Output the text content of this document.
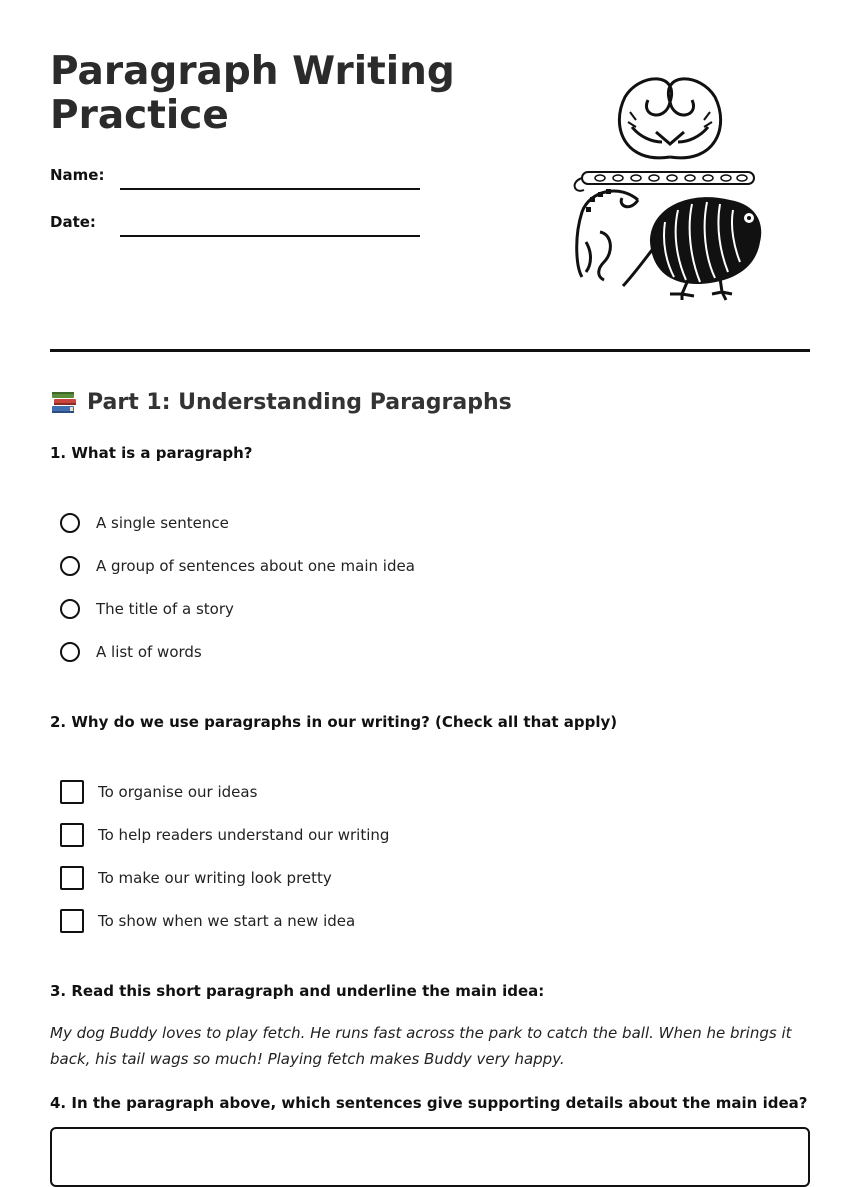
Paragraph Writing Practice
Name:
Date:
Part 1: Understanding Paragraphs

1. What is a paragraph?

A single sentence
A group of sentences about one main idea
The title of a story
A list of words

2. Why do we use paragraphs in our writing? (Check all that apply)

To organise our ideas
To help readers understand our writing
To make our writing look pretty
To show when we start a new idea

3. Read this short paragraph and underline the main idea:

My dog Buddy loves to play fetch. He runs fast across the park to catch the ball. When he brings it back, his tail wags so much! Playing fetch makes Buddy very happy.

4. In the paragraph above, which sentences give supporting details about the main idea?
